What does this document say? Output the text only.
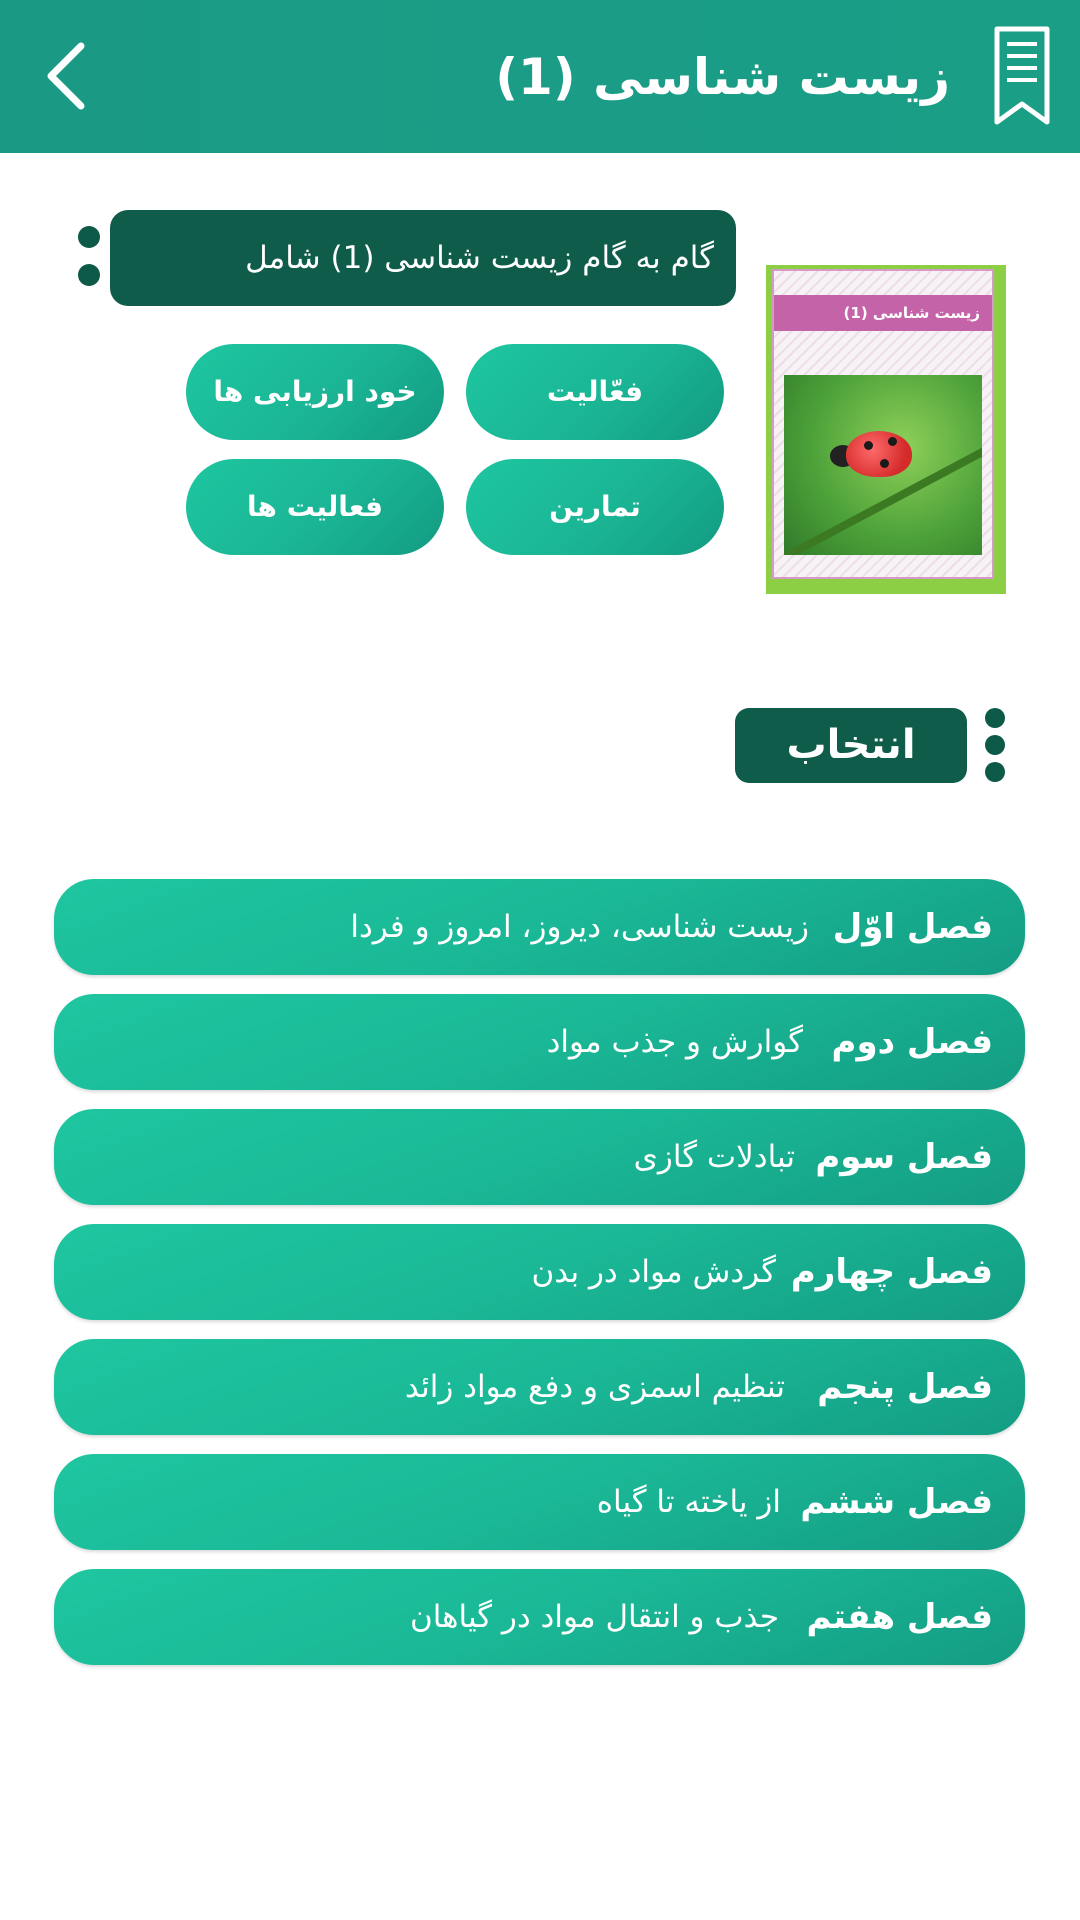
زیست شناسی (1)
زیست شناسی (1)
گام به گام زیست شناسی (1) شامل
فعّالیت
خود ارزیابی ها
تمارین
فعالیت ها
انتخاب سرفصل
فصل اوّل
زیست شناسی، دیروز، امروز و فردا
فصل دوم
گوارش و جذب مواد
فصل سوم
تبادلات گازی
فصل چهارم
گردش مواد در بدن
فصل پنجم
تنظیم اسمزی و دفع مواد زائد
فصل ششم
از یاخته تا گیاه
فصل هفتم
جذب و انتقال مواد در گیاهان
